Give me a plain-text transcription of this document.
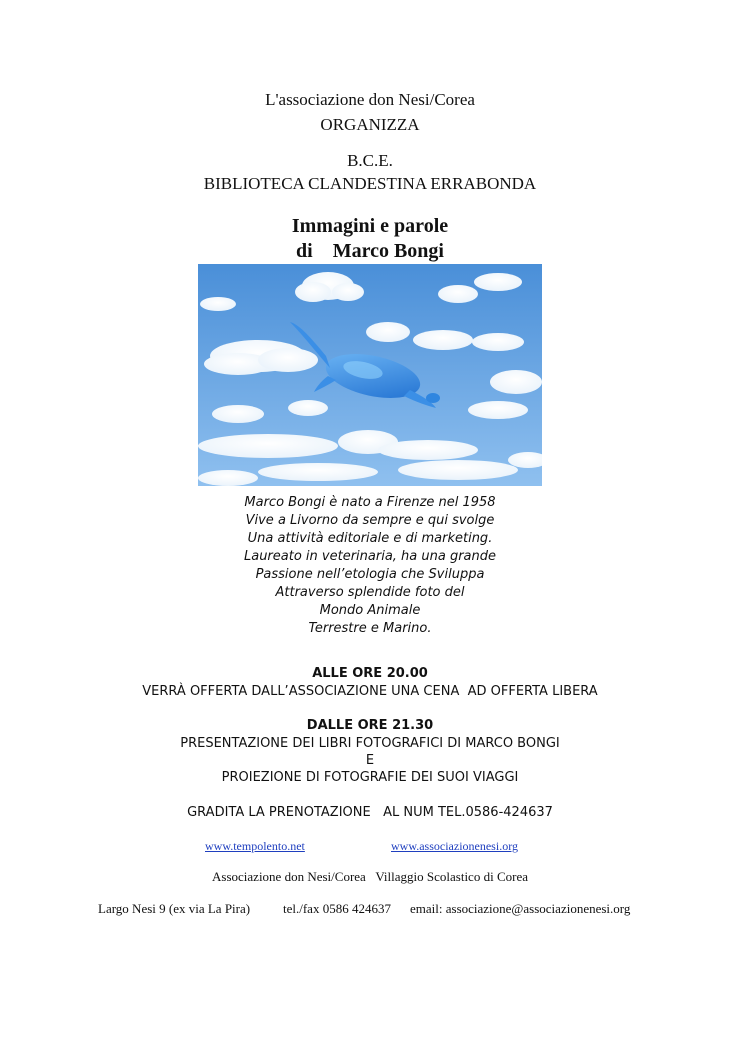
L'associazione don Nesi/Corea
ORGANIZZA
B.C.E.
BIBLIOTECA CLANDESTINA ERRABONDA
Immagini e parole
di    Marco Bongi
Marco Bongi è nato a Firenze nel 1958
Vive a Livorno da sempre e qui svolge
Una attività editoriale e di marketing.
Laureato in veterinaria, ha una grande
Passione nell’etologia che Sviluppa
Attraverso splendide foto del
Mondo Animale
Terrestre e Marino.
ALLE ORE 20.00
VERRÀ OFFERTA DALL’ASSOCIAZIONE UNA CENA  AD OFFERTA LIBERA
DALLE ORE 21.30
PRESENTAZIONE DEI LIBRI FOTOGRAFICI DI MARCO BONGI
E
PROIEZIONE DI FOTOGRAFIE DEI SUOI VIAGGI
GRADITA LA PRENOTAZIONE   AL NUM TEL.0586-424637
www.tempolento.net	www.associazionenesi.org
Associazione don Nesi/Corea   Villaggio Scolastico di Corea
Largo Nesi 9 (ex via La Pira)	tel./fax 0586 424637 email: associazione@associazionenesi.org
